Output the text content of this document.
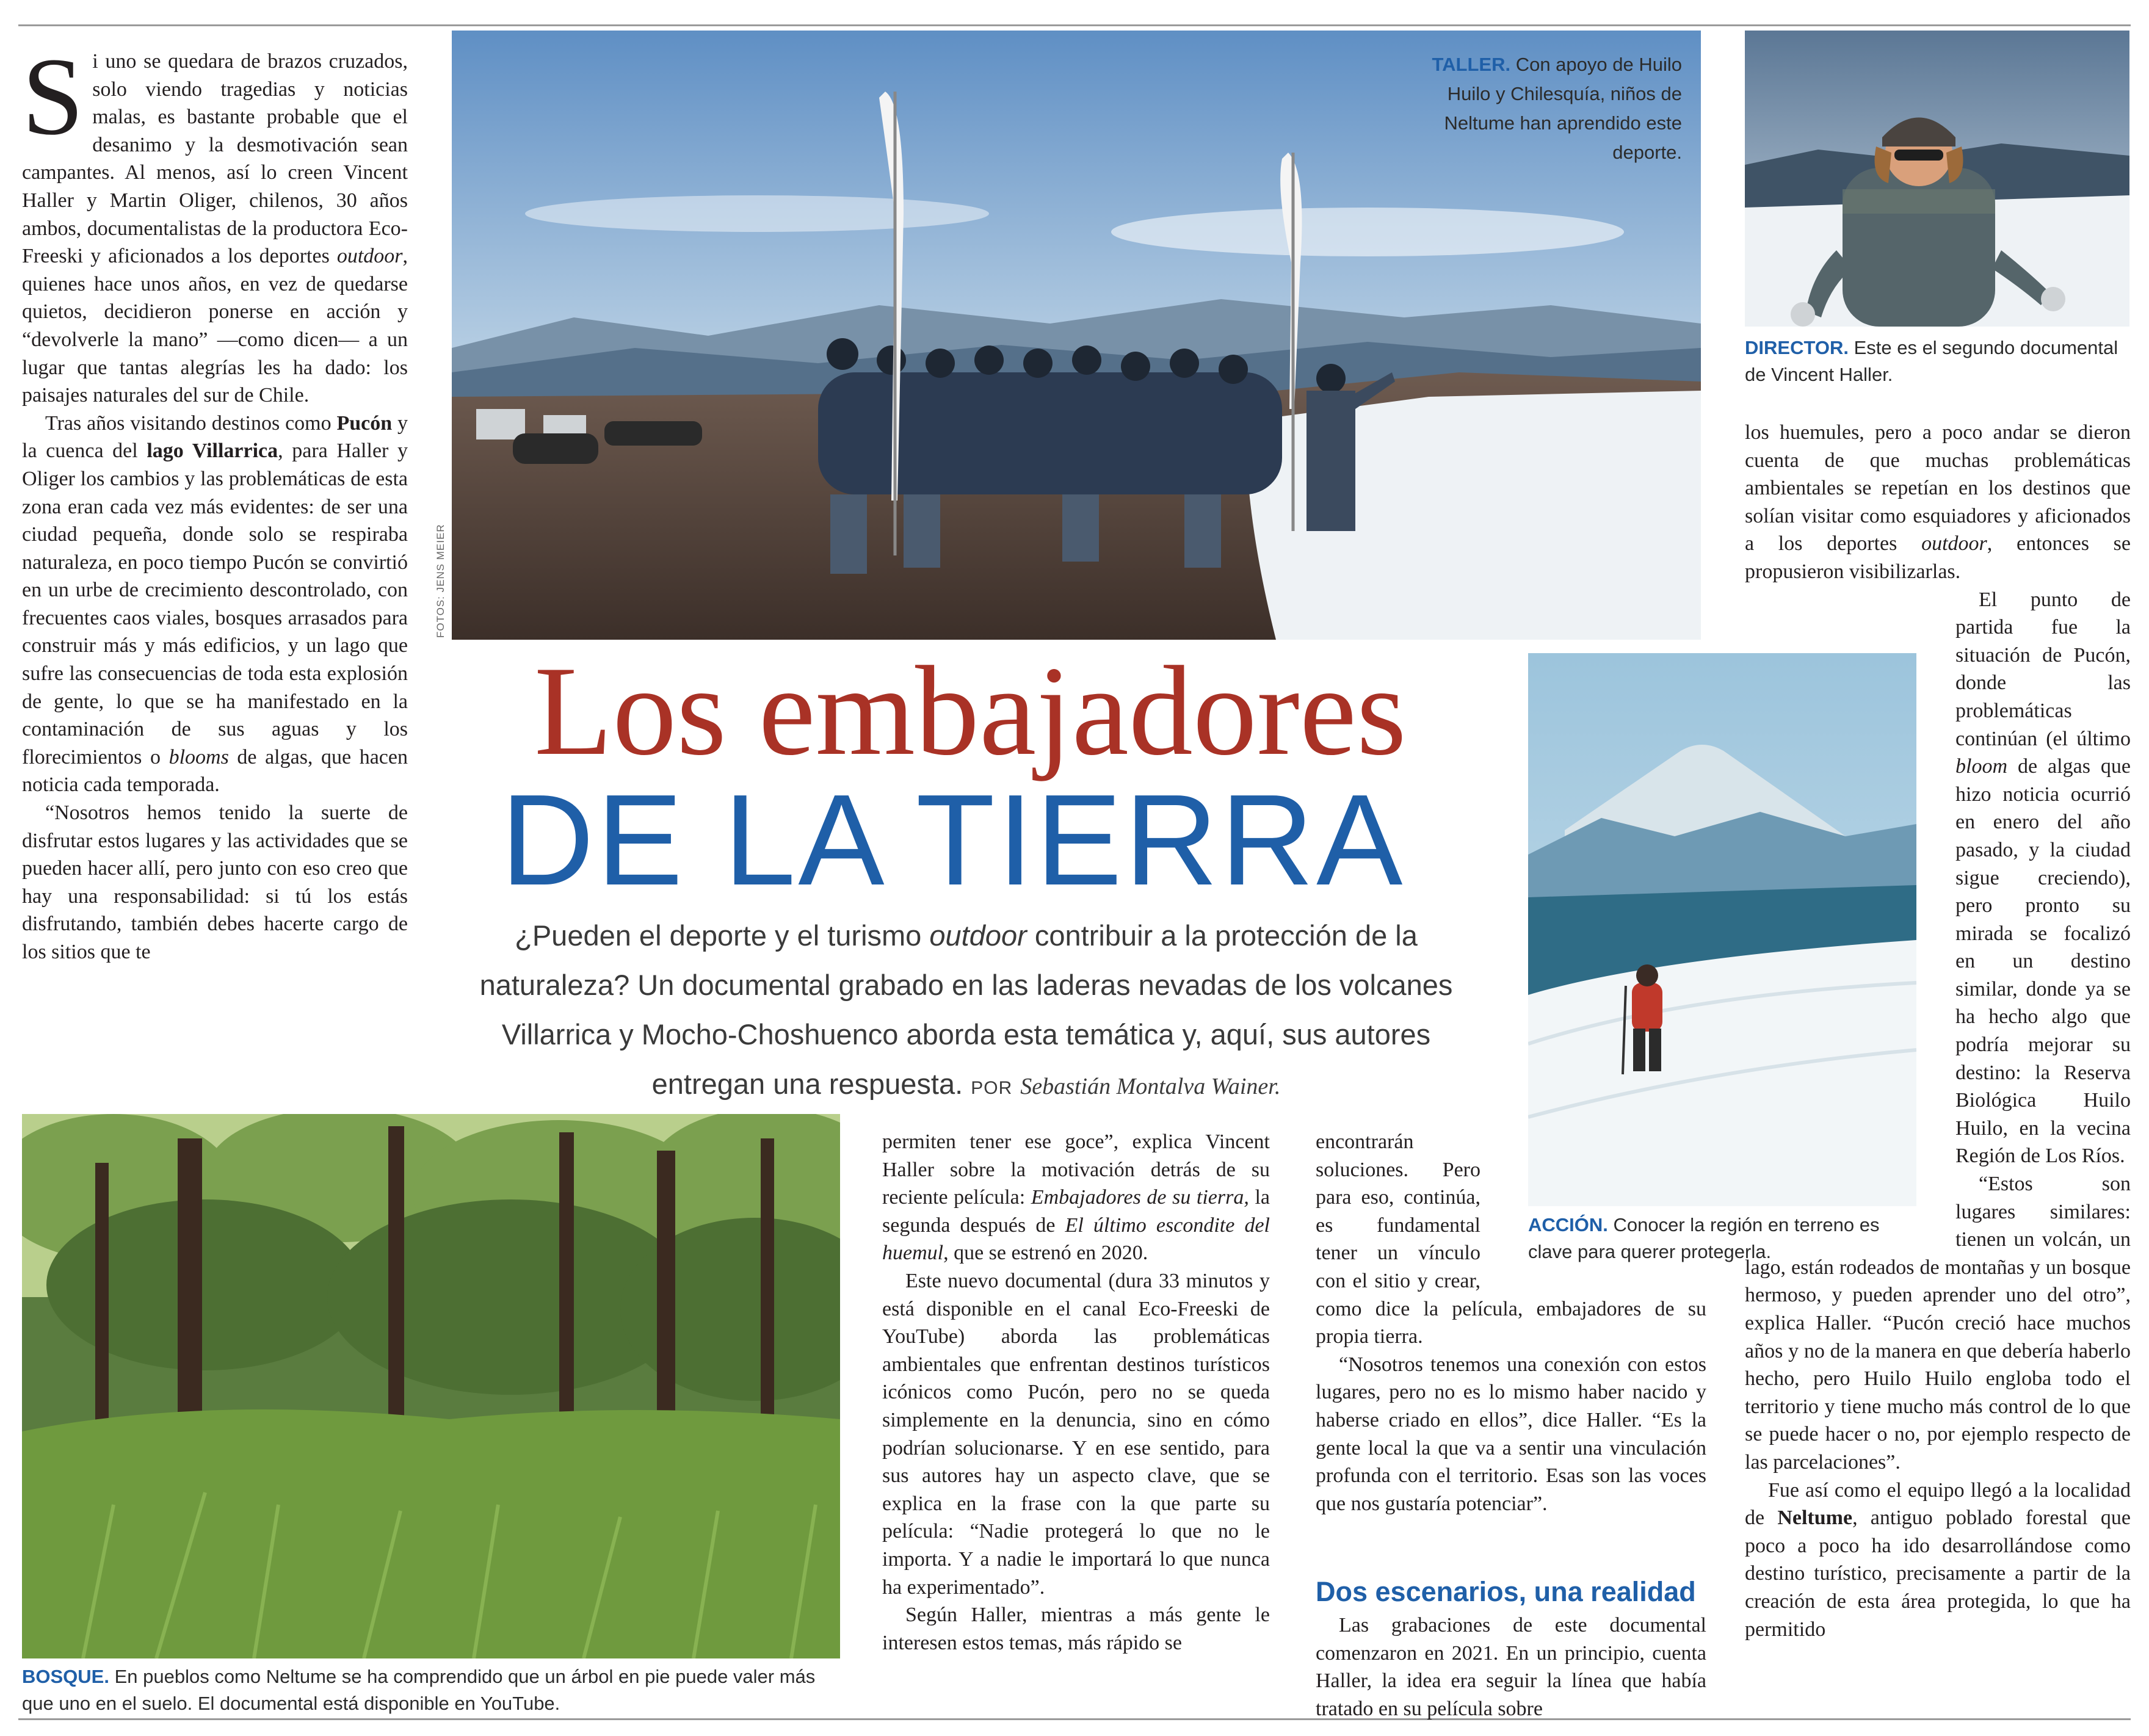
Si uno se quedara de brazos cruzados, solo viendo tragedias y noticias malas, es bastante probable que el desanimo y la desmotivación sean campantes. Al menos, así lo creen Vincent Haller y Martin Oliger, chilenos, 30 años ambos, documentalistas de la productora Eco-Freeski y aficionados a los deportes outdoor, quienes hace unos años, en vez de quedarse quietos, decidieron ponerse en acción y “devolverle la mano” —como dicen— a un lugar que tantas alegrías les ha dado: los paisajes naturales del sur de Chile.

Tras años visitando destinos como Pucón y la cuenca del lago Villarrica, para Haller y Oliger los cambios y las problemáticas de esta zona eran cada vez más evidentes: de ser una ciudad pequeña, donde solo se respiraba naturaleza, en poco tiempo Pucón se convirtió en un urbe de crecimiento descontrolado, con frecuentes caos viales, bosques arrasados para construir más y más edificios, y un lago que sufre las consecuencias de toda esta explosión de gente, lo que se ha manifestado en la contaminación de sus aguas y los florecimientos o blooms de algas, que hacen noticia cada temporada.

“Nosotros hemos tenido la suerte de disfrutar estos lugares y las actividades que se pueden hacer allí, pero junto con eso creo que hay una responsabilidad: si tú los estás disfrutando, también debes hacerte cargo de los sitios que te

FOTOS: JENS MEIER
TALLER. Con apoyo de Huilo Huilo y Chilesquía, niños de Neltume han aprendido este deporte.
DIRECTOR. Este es el segundo documental de Vincent Haller.
Los embajadores
DE LA TIERRA
¿Pueden el deporte y el turismo outdoor contribuir a la protección de la naturaleza? Un documental grabado en las laderas nevadas de los volcanes Villarrica y Mocho-Choshuenco aborda esta temática y, aquí, sus autores entregan una respuesta. POR Sebastián Montalva Wainer.
ACCIÓN. Conocer la región en terreno es clave para querer protegerla.
BOSQUE. En pueblos como Neltume se ha comprendido que un árbol en pie puede valer más que uno en el suelo. El documental está disponible en YouTube.

permiten tener ese goce”, explica Vincent Haller sobre la motivación detrás de su reciente película: Embajadores de su tierra, la segunda después de El último escondite del huemul, que se estrenó en 2020.

Este nuevo documental (dura 33 minutos y está disponible en el canal Eco-Freeski de YouTube) aborda las problemáticas ambientales que enfrentan destinos turísticos icónicos como Pucón, pero no se queda simplemente en la denuncia, sino en cómo podrían solucionarse. Y en ese sentido, para sus autores hay un aspecto clave, que se explica en la frase con la que parte su película: “Nadie protegerá lo que no le importa. Y a nadie le importará lo que nunca ha experimentado”.

Según Haller, mientras a más gente le interesen estos temas, más rápido se

encontrarán soluciones. Pero para eso, continúa, es fundamental tener un vínculo con el sitio y crear, como dice la película, embajadores de su propia tierra.

“Nosotros tenemos una conexión con estos lugares, pero no es lo mismo haber nacido y haberse criado en ellos”, dice Haller. “Es la gente local la que va a sentir una vinculación profunda con el territorio. Esas son las voces que nos gustaría potenciar”.

Dos escenarios, una realidad

Las grabaciones de este documental comenzaron en 2021. En un principio, cuenta Haller, la idea era seguir la línea que había tratado en su película sobre

los huemules, pero a poco andar se dieron cuenta de que muchas problemáticas ambientales se repetían en los destinos que solían visitar como esquiadores y aficionados a los deportes outdoor, entonces se propusieron visibilizarlas.

El punto de partida fue la situación de Pucón, donde las problemáticas continúan (el último bloom de algas que hizo noticia ocurrió en enero del año pasado, y la ciudad sigue creciendo), pero pronto su mirada se focalizó en un destino similar, donde ya se ha hecho algo que podría mejorar su destino: la Reserva Biológica Huilo Huilo, en la vecina Región de Los Ríos.

“Estos son lugares similares: tienen un volcán, un lago, están rodeados de montañas y un bosque hermoso, y pueden aprender uno del otro”, explica Haller. “Pucón creció hace muchos años y no de la manera en que debería haberlo hecho, pero Huilo Huilo engloba todo el territorio y tiene mucho más control de lo que se puede hacer o no, por ejemplo respecto de las parcelaciones”.

Fue así como el equipo llegó a la localidad de Neltume, antiguo poblado forestal que poco a poco ha ido desarrollándose como destino turístico, precisamente a partir de la creación de esta área protegida, lo que ha permitido
